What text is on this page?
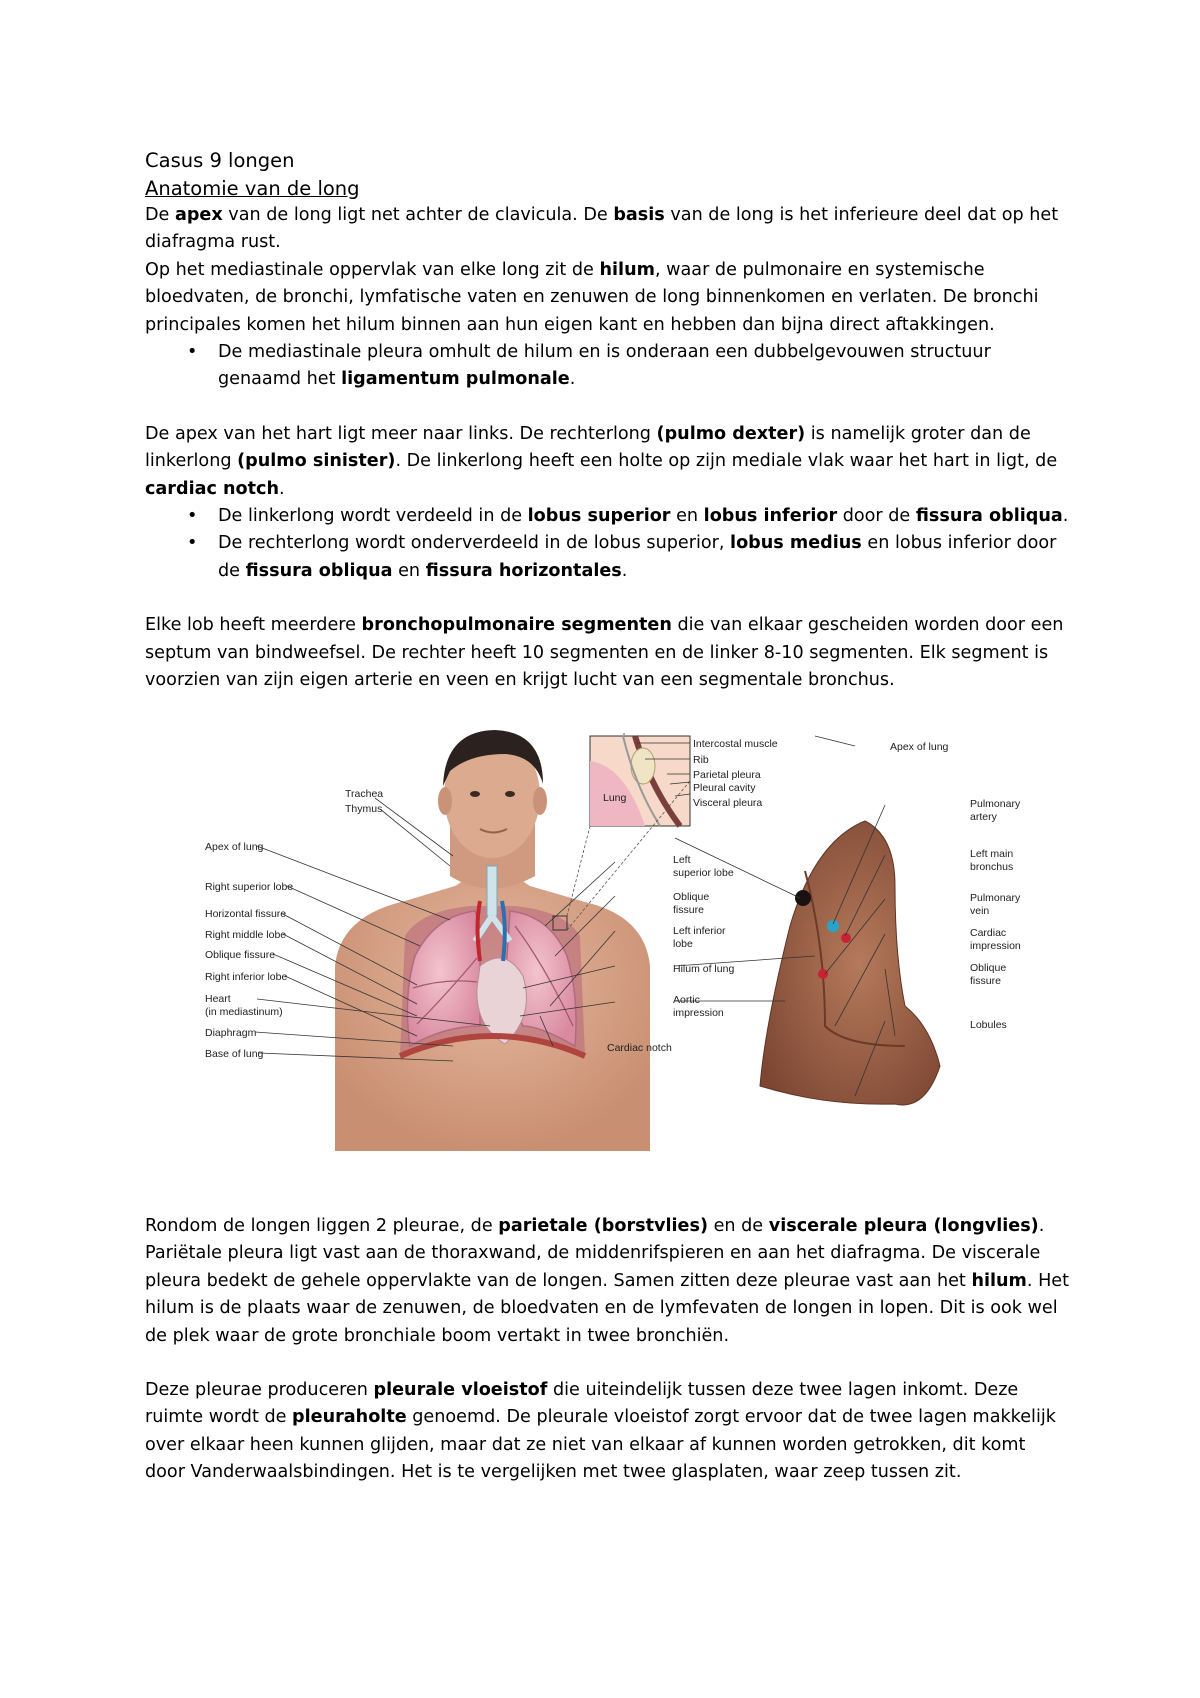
Casus 9 longen
Anatomie van de long

De apex van de long ligt net achter de clavicula. De basis van de long is het inferieure deel dat op het diafragma rust.

Op het mediastinale oppervlak van elke long zit de hilum, waar de pulmonaire en systemische bloedvaten, de bronchi, lymfatische vaten en zenuwen de long binnenkomen en verlaten. De bronchi principales komen het hilum binnen aan hun eigen kant en hebben dan bijna direct aftakkingen.

• De mediastinale pleura omhult de hilum en is onderaan een dubbelgevouwen structuur genaamd het ligamentum pulmonale.

De apex van het hart ligt meer naar links. De rechterlong (pulmo dexter) is namelijk groter dan de linkerlong (pulmo sinister). De linkerlong heeft een holte op zijn mediale vlak waar het hart in ligt, de cardiac notch.

• De linkerlong wordt verdeeld in de lobus superior en lobus inferior door de fissura obliqua.
• De rechterlong wordt onderverdeeld in de lobus superior, lobus medius en lobus inferior door de fissura obliqua en fissura horizontales.

Elke lob heeft meerdere bronchopulmonaire segmenten die van elkaar gescheiden worden door een septum van bindweefsel. De rechter heeft 10 segmenten en de linker 8-10 segmenten. Elk segment is voorzien van zijn eigen arterie en veen en krijgt lucht van een segmentale bronchus.

Lung
Trachea
Thymus
Apex of lung
Right superior lobe
Horizontal fissure
Right middle lobe
Oblique fissure
Right inferior lobe
Heart
(in mediastinum)
Diaphragm
Base of lung
Intercostal muscle
Rib
Parietal pleura
Pleural cavity
Visceral pleura
Left
superior lobe
Oblique
fissure
Left inferior
lobe
Hilum of lung
Aortic
impression
Cardiac notch
Apex of lung
Pulmonary
artery
Left main
bronchus
Pulmonary
vein
Cardiac
impression
Oblique
fissure
Lobules

Rondom de longen liggen 2 pleurae, de parietale (borstvlies) en de viscerale pleura (longvlies). Pariëtale pleura ligt vast aan de thoraxwand, de middenrifspieren en aan het diafragma. De viscerale pleura bedekt de gehele oppervlakte van de longen. Samen zitten deze pleurae vast aan het hilum. Het hilum is de plaats waar de zenuwen, de bloedvaten en de lymfevaten de longen in lopen. Dit is ook wel de plek waar de grote bronchiale boom vertakt in twee bronchiën.

Deze pleurae produceren pleurale vloeistof die uiteindelijk tussen deze twee lagen inkomt. Deze ruimte wordt de pleuraholte genoemd. De pleurale vloeistof zorgt ervoor dat de twee lagen makkelijk over elkaar heen kunnen glijden, maar dat ze niet van elkaar af kunnen worden getrokken, dit komt door Vanderwaalsbindingen. Het is te vergelijken met twee glasplaten, waar zeep tussen zit.
